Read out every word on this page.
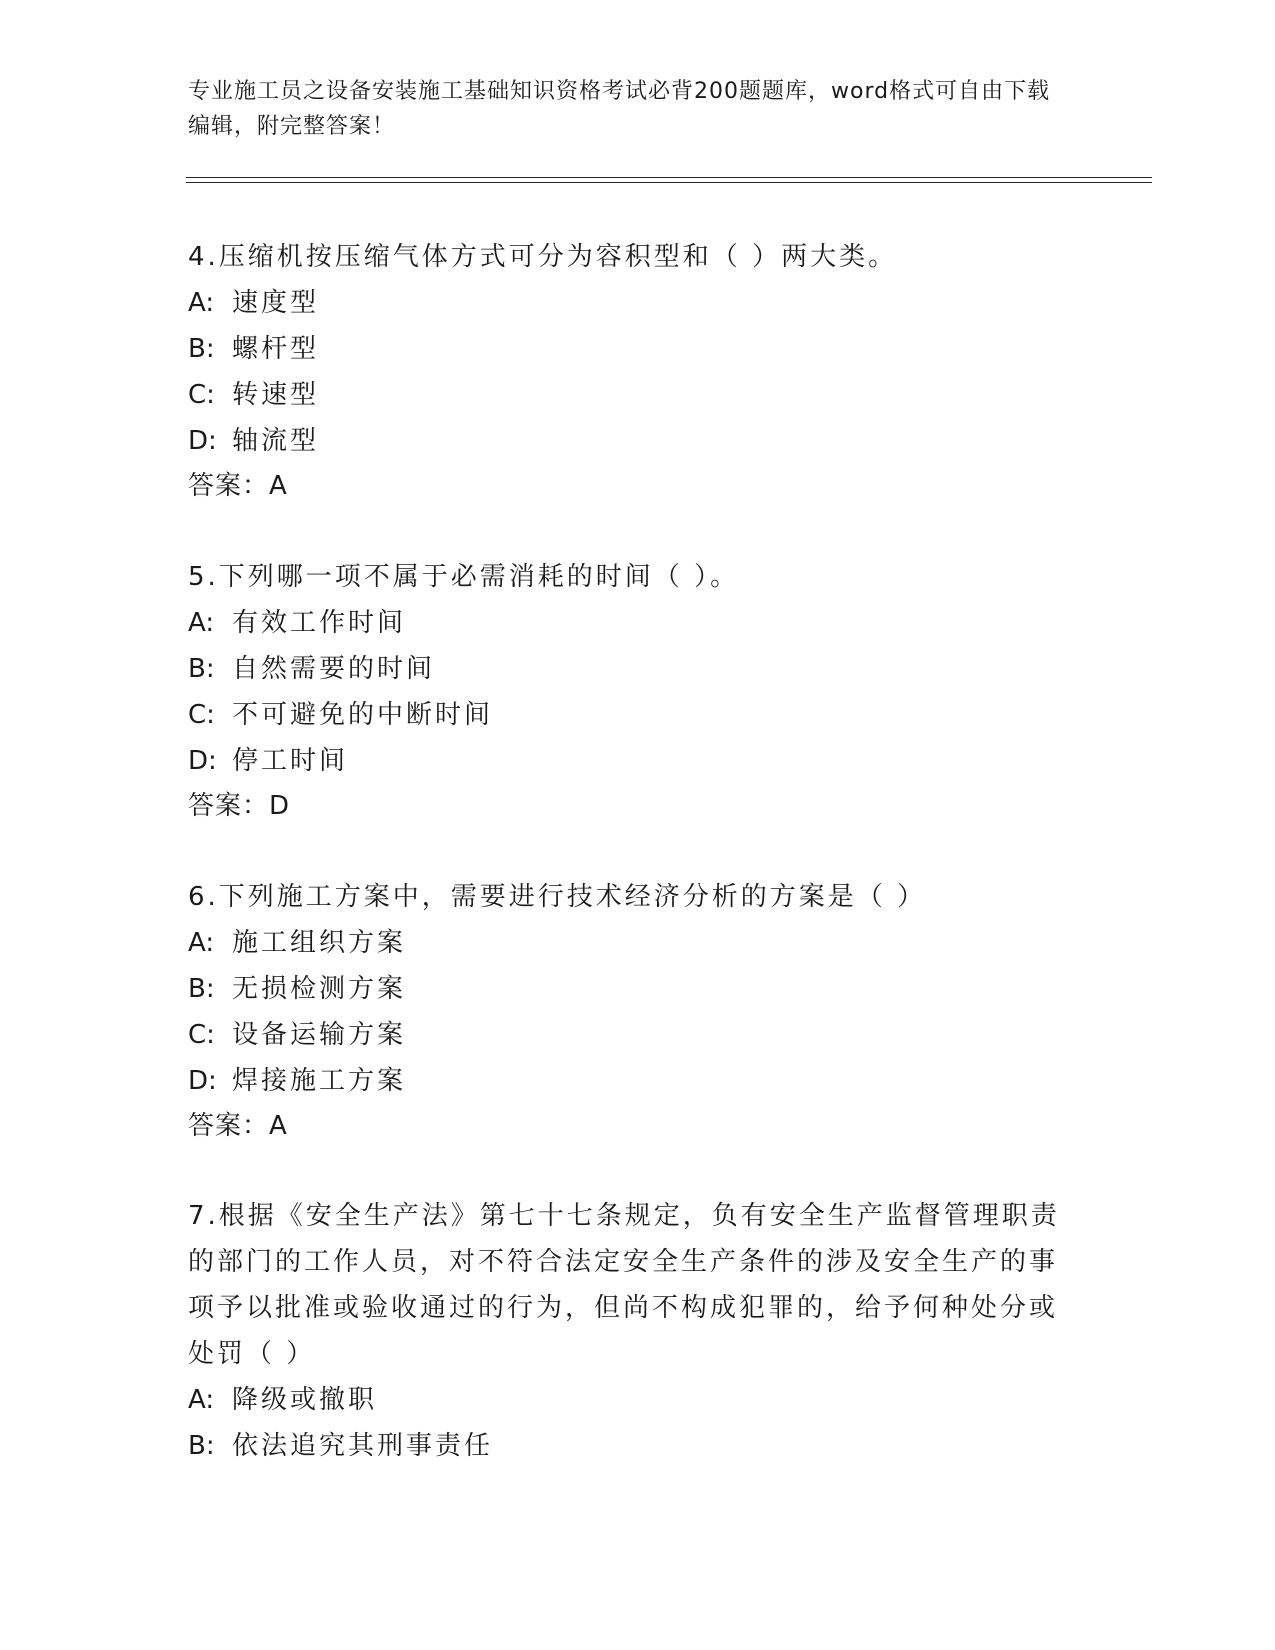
专业施工员之设备安装施工基础知识资格考试必背200题题库，word格式可自由下载编辑，附完整答案！

4.压缩机按压缩气体方式可分为容积型和（ ）两大类。

A: 速度型

B: 螺杆型

C: 转速型

D: 轴流型

答案：A

5.下列哪一项不属于必需消耗的时间（ ）。

A: 有效工作时间

B: 自然需要的时间

C: 不可避免的中断时间

D: 停工时间

答案：D

6.下列施工方案中，需要进行技术经济分析的方案是（ ）

A: 施工组织方案

B: 无损检测方案

C: 设备运输方案

D: 焊接施工方案

答案：A

7.根据《安全生产法》第七十七条规定，负有安全生产监督管理职责的部门的工作人员，对不符合法定安全生产条件的涉及安全生产的事项予以批准或验收通过的行为，但尚不构成犯罪的，给予何种处分或处罚（ ）

A: 降级或撤职

B: 依法追究其刑事责任
